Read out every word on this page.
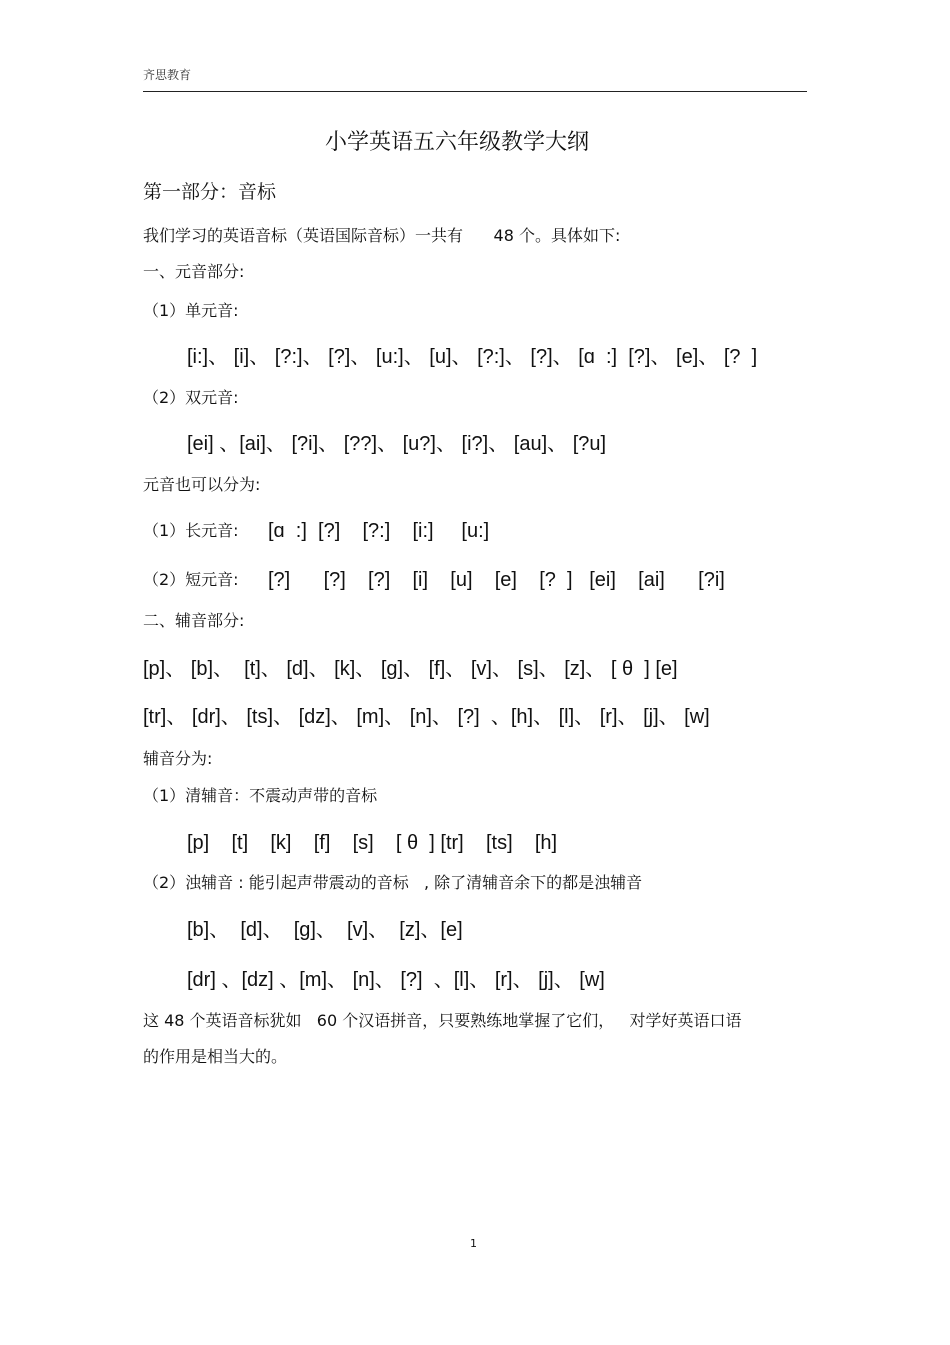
齐思教育
小学英语五六年级教学大纲
第一部分：音标
我们学习的英语音标（英语国际音标）一共有      48 个。具体如下:
一、元音部分:
（1）单元音:
[i:]、 [i]、 [?:]、 [?]、 [u:]、 [u]、 [?:]、 [?]、 [ɑ  :]  [?]、 [e]、 [?  ]
（2）双元音:
[ei] 、[ai]、 [?i]、 [??]、 [u?]、 [i?]、 [au]、 [?u]
元音也可以分为:
（1）长元音: [ɑ  :]  [?]    [?:]    [i:]     [u:]
（2）短元音: [?]      [?]    [?]    [i]    [u]    [e]    [?  ]   [ei]    [ai]      [?i]
二、辅音部分:
[p]、 [b]、  [t]、 [d]、 [k]、 [g]、 [f]、 [v]、 [s]、 [z]、 [ θ  ] [e]
[tr]、 [dr]、 [ts]、 [dz]、 [m]、 [n]、 [?]  、[h]、 [l]、 [r]、 [j]、 [w]
辅音分为:
（1）清辅音：不震动声带的音标
[p]    [t]    [k]    [f]    [s]    [ θ  ] [tr]    [ts]    [h]
（2）浊辅音 : 能引起声带震动的音标   , 除了清辅音余下的都是浊辅音
[b]、  [d]、  [g]、  [v]、  [z]、[e]
[dr] 、[dz] 、[m]、 [n]、 [?]  、[l]、 [r]、 [j]、 [w]
这 48 个英语音标犹如   60 个汉语拼音，只要熟练地掌握了它们，   对学好英语口语
的作用是相当大的。
1
